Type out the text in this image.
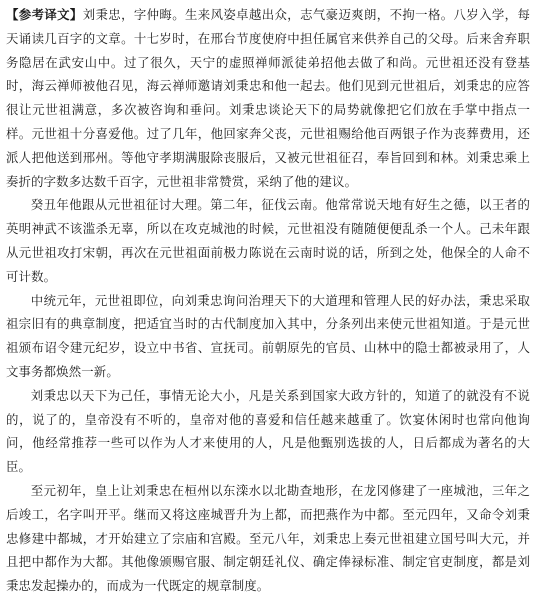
【参考译文】刘秉忠，字仲晦。生来风姿卓越出众，志气豪迈爽朗，不拘一格。八岁入学，每天诵读几百字的文章。十七岁时，在邢台节度使府中担任属官来供养自己的父母。后来舍弃职务隐居在武安山中。过了很久，天宁的虚照禅师派徒弟招他去做了和尚。元世祖还没有登基时，海云禅师被他召见，海云禅师邀请刘秉忠和他一起去。他们见到元世祖后，刘秉忠的应答很让元世祖满意，多次被咨询和垂问。刘秉忠谈论天下的局势就像把它们放在手掌中指点一样。元世祖十分喜爱他。过了几年，他回家奔父丧，元世祖赐给他百两银子作为丧葬费用，还派人把他送到邢州。等他守孝期满服除丧服后，又被元世祖征召，奉旨回到和林。刘秉忠乘上奏折的字数多达数千百字，元世祖非常赞赏，采纳了他的建议。

癸丑年他跟从元世祖征讨大理。第二年，征伐云南。他常常说天地有好生之德，以王者的英明神武不该滥杀无辜，所以在攻克城池的时候，元世祖没有随随便便乱杀一个人。己未年跟从元世祖攻打宋朝，再次在元世祖面前极力陈说在云南时说的话，所到之处，他保全的人命不可计数。

中统元年，元世祖即位，向刘秉忠询问治理天下的大道理和管理人民的好办法，秉忠采取祖宗旧有的典章制度，把适宜当时的古代制度加入其中，分条列出来使元世祖知道。于是元世祖颁布诏令建元纪岁，设立中书省、宣抚司。前朝原先的官员、山林中的隐士都被录用了，人文事务都焕然一新。

刘秉忠以天下为己任，事情无论大小，凡是关系到国家大政方针的，知道了的就没有不说的，说了的，皇帝没有不听的，皇帝对他的喜爱和信任越来越重了。饮宴休闲时也常向他询问，他经常推荐一些可以作为人才来使用的人，凡是他甄别选拔的人，日后都成为著名的大臣。

至元初年，皇上让刘秉忠在桓州以东滦水以北勘查地形，在龙冈修建了一座城池，三年之后竣工，名字叫开平。继而又将这座城晋升为上都，而把燕作为中都。至元四年，又命令刘秉忠修建中都城，才开始建立了宗庙和宫殿。至元八年，刘秉忠上奏元世祖建立国号叫大元，并且把中都作为大都。其他像颁赐官服、制定朝廷礼仪、确定俸禄标准、制定官吏制度，都是刘秉忠发起操办的，而成为一代既定的规章制度。
